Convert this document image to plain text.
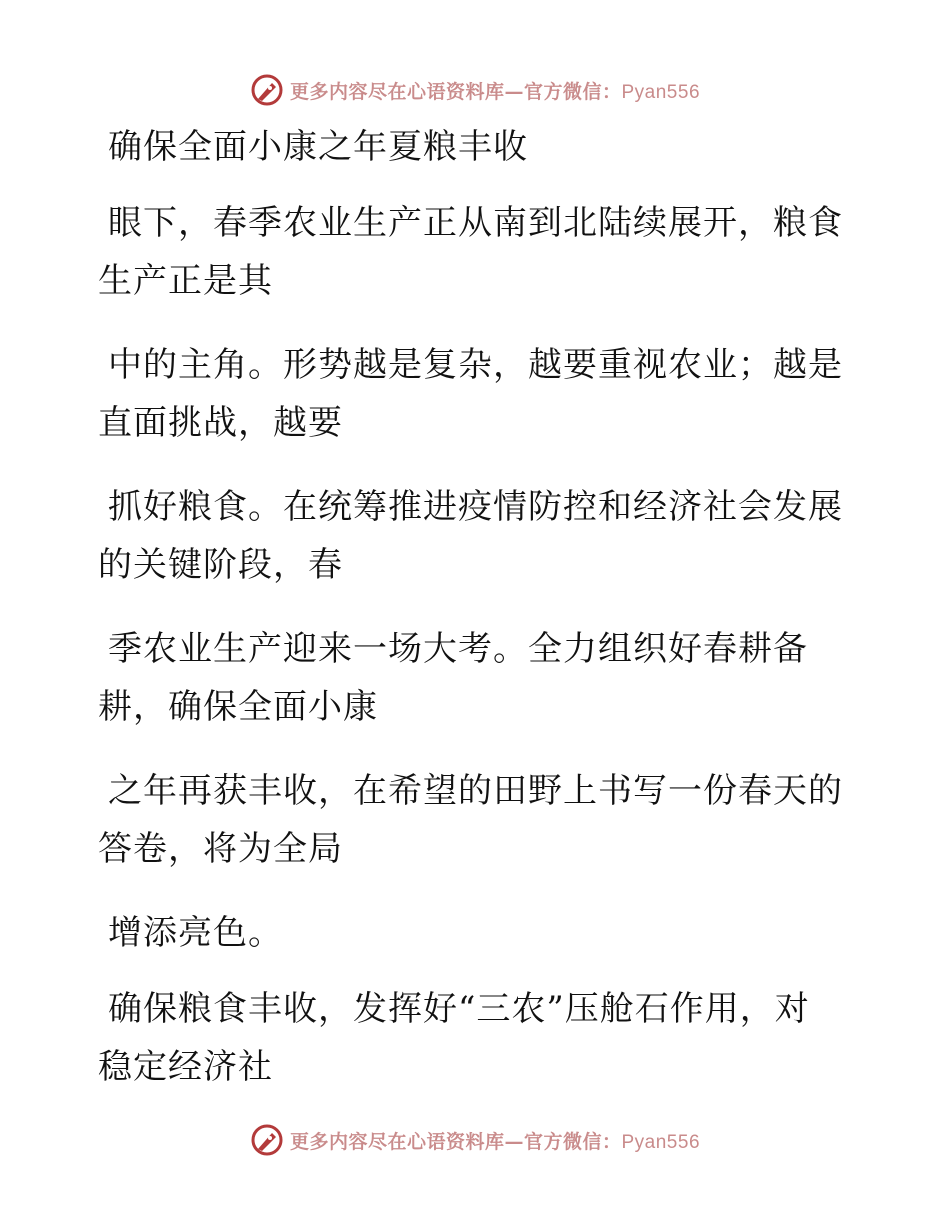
更多内容尽在心语资料库—官方微信：Pyan556
确保全面小康之年夏粮丰收
眼下，春季农业生产正从南到北陆续展开，粮食
生产正是其
中的主角。形势越是复杂，越要重视农业；越是
直面挑战，越要
抓好粮食。在统筹推进疫情防控和经济社会发展
的关键阶段，春
季农业生产迎来一场大考。全力组织好春耕备
耕，确保全面小康
之年再获丰收，在希望的田野上书写一份春天的
答卷，将为全局
增添亮色。
确保粮食丰收，发挥好“三农”压舱石作用，对
稳定经济社
更多内容尽在心语资料库—官方微信：Pyan556
